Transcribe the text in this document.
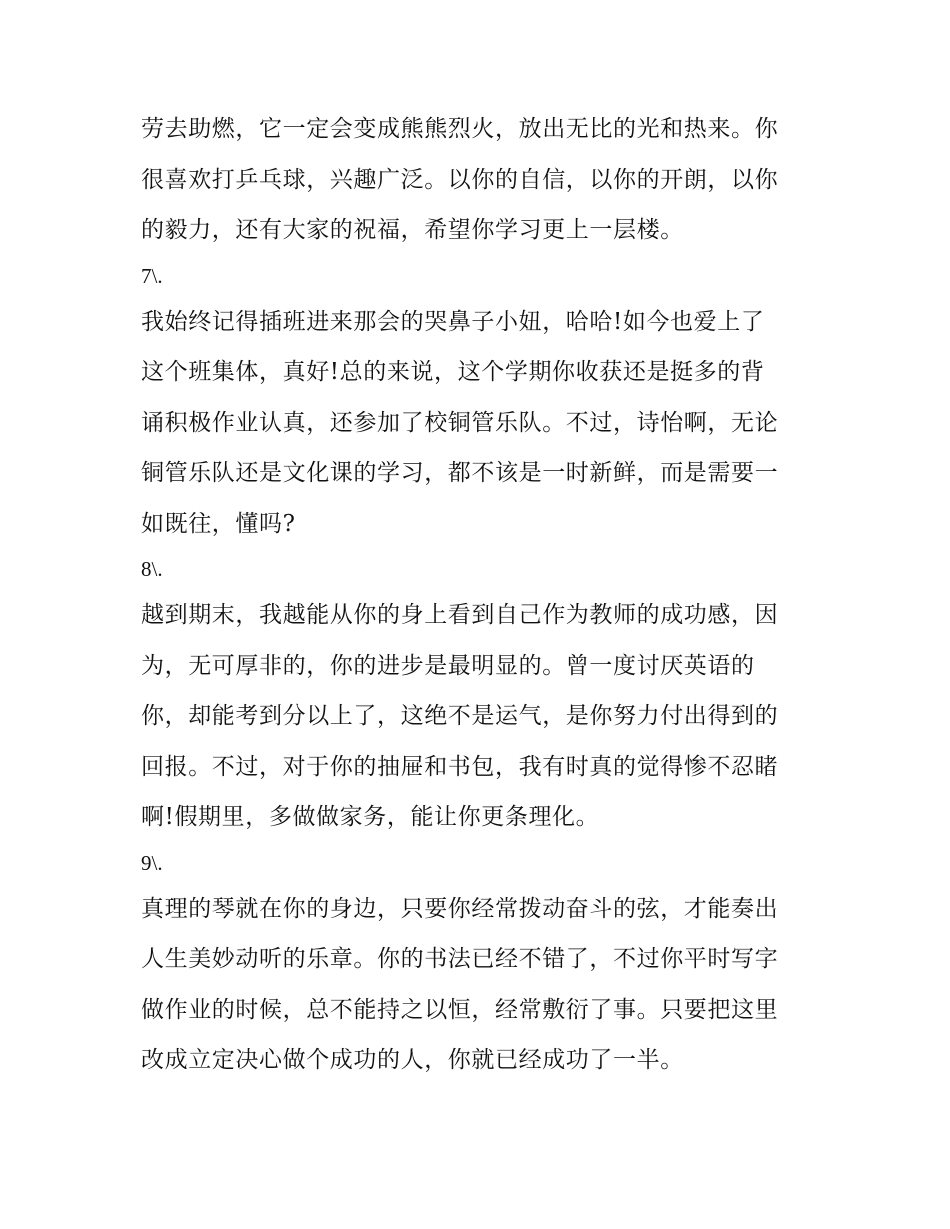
劳去助燃，它一定会变成熊熊烈火，放出无比的光和热来。你
很喜欢打乒乓球，兴趣广泛。以你的自信，以你的开朗，以你
的毅力，还有大家的祝福，希望你学习更上一层楼。
7\.
我始终记得插班进来那会的哭鼻子小妞，哈哈!如今也爱上了
这个班集体，真好!总的来说，这个学期你收获还是挺多的背
诵积极作业认真，还参加了校铜管乐队。不过，诗怡啊，无论
铜管乐队还是文化课的学习，都不该是一时新鲜，而是需要一
如既往，懂吗?
8\.
越到期末，我越能从你的身上看到自己作为教师的成功感，因
为，无可厚非的，你的进步是最明显的。曾一度讨厌英语的
你，却能考到分以上了，这绝不是运气，是你努力付出得到的
回报。不过，对于你的抽屉和书包，我有时真的觉得惨不忍睹
啊!假期里，多做做家务，能让你更条理化。
9\.
真理的琴就在你的身边，只要你经常拨动奋斗的弦，才能奏出
人生美妙动听的乐章。你的书法已经不错了，不过你平时写字
做作业的时候，总不能持之以恒，经常敷衍了事。只要把这里
改成立定决心做个成功的人，你就已经成功了一半。
